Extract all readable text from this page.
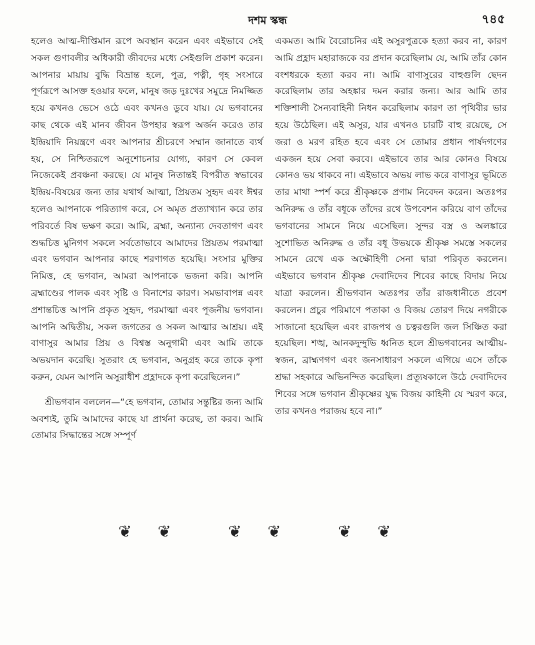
দশম স্কন্ধ	৭৪৫

হলেও আত্ম-দীপ্তিমান রূপে অবস্থান করেন এবং এইভাবে সেই সকল গুণাবলীর অধিকারী জীবদের মধ্যে সেইগুলি প্রকাশ করেন। আপনার মায়ায় বুদ্ধি বিভ্রান্ত হলে, পুত্র, পত্নী, গৃহ সংসারে পূর্ণরূপে আসক্ত হওয়ার ফলে, মানুষ জড় দুঃখের সমুদ্রে নিমজ্জিত হয়ে কখনও ভেসে ওঠে এবং কখনও ডুবে যায়। যে ভগবানের কাছ থেকে এই মানব জীবন উপহার স্বরূপ অর্জন করেও তার ইন্দ্রিয়াদি নিয়ন্ত্রণে এবং আপনার শ্রীচরণে সম্মান জানাতে ব্যর্থ হয়, সে নিশ্চিতরূপে অনুশোচনার যোগ্য, কারণ সে কেবল নিজেকেই প্রবঞ্চনা করছে। যে মানুষ নিতান্তই বিপরীত স্বভাবের ইন্দ্রিয়-বিষয়ের জন্য তার যথার্থ আত্মা, প্রিয়তম সুহৃদ এবং ঈশ্বর হলেও আপনাকে পরিত্যাগ করে, সে অমৃত প্রত্যাখ্যান করে তার পরিবর্তে বিষ ভক্ষণ করে। আমি, ব্রহ্মা, অন্যান্য দেবতাগণ এবং শুদ্ধচিত্ত মুনিগণ সকলে সর্বতোভাবে আমাদের প্রিয়তম পরমাত্মা এবং ভগবান আপনার কাছে শরণাগত হয়েছি। সংসার মুক্তির নিমিত্ত, হে ভগবান, আমরা আপনাকে ভজনা করি। আপনি ব্রহ্মাণ্ডের পালক এবং সৃষ্টি ও বিনাশের কারণ। সমভাবাপন্ন এবং প্রশান্তচিত্ত আপনি প্রকৃত সুহৃদ, পরমাত্মা এবং পূজনীয় ভগবান। আপনি অদ্বিতীয়, সকল জগতের ও সকল আত্মার আশ্রয়। এই বাণাসুর আমার প্রিয় ও বিশ্বস্ত অনুগামী এবং আমি তাকে অভয়দান করেছি। সুতরাং হে ভগবান, অনুগ্রহ করে তাকে কৃপা করুন, যেমন আপনি অসুরাধীশ প্রহ্লাদকে কৃপা করেছিলেন।”

শ্রীভগবান বললেন—“হে ভগবান, তোমার সন্তুষ্টির জন্য আমি অবশ্যই, তুমি আমাদের কাছে যা প্রার্থনা করেছ, তা করব। আমি তোমার সিদ্ধান্তের সঙ্গে সম্পূর্ণ

একমত। আমি বৈরোচনির এই অসুরপুত্রকে হত্যা করব না, কারণ আমি প্রহ্লাদ মহারাজকে বর প্রদান করেছিলাম যে, আমি তাঁর কোন বংশধরকে হত্যা করব না। আমি বাণাসুরের বাহুগুলি ছেদন করেছিলাম তার অহঙ্কার দমন করার জন্য। আর আমি তার শক্তিশালী সৈন্যবাহিনী নিধন করেছিলাম কারণ তা পৃথিবীর ভার হয়ে উঠেছিল। এই অসুর, যার এখনও চারটি বাহু রয়েছে, সে জরা ও মরণ রহিত হবে এবং সে তোমার প্রধান পার্ষদগণের একজন হয়ে সেবা করবে। এইভাবে তার আর কোনও বিষয়ে কোনও ভয় থাকবে না। এইভাবে অভয় লাভ করে বাণাসুর ভূমিতে তার মাথা স্পর্শ করে শ্রীকৃষ্ণকে প্রণাম নিবেদন করেন। অতঃপর অনিরুদ্ধ ও তাঁর বধূকে তাঁদের রথে উপবেশন করিয়ে বাণ তাঁদের ভগবানের সামনে নিয়ে এসেছিল। সুন্দর বস্ত্র ও অলঙ্কারে সুশোভিত অনিরুদ্ধ ও তাঁর বধূ উভয়কে শ্রীকৃষ্ণ সমস্তে সকলের সামনে রেখে এক অক্ষৌহিণী সেনা দ্বারা পরিবৃত করলেন। এইভাবে ভগবান শ্রীকৃষ্ণ দেবাদিদেব শিবের কাছে বিদায় নিয়ে যাত্রা করলেন। শ্রীভগবান অতঃপর তাঁর রাজধানীতে প্রবেশ করলেন। প্রচুর পরিমাণে পতাকা ও বিজয় তোরণ দিয়ে নগরীকে সাজানো হয়েছিল এবং রাজপথ ও চত্বরগুলি জল সিঞ্চিত করা হয়েছিল। শঙ্খ, আনকদুন্দুভি ধ্বনিত হলে শ্রীভগবানের আত্মীয়-স্বজন, ব্রাহ্মণগণ এবং জনসাধারণ সকলে এগিয়ে এসে তাঁকে শ্রদ্ধা সহকারে অভিনন্দিত করেছিল। প্রত্যূষকালে উঠে দেবাদিদেব শিবের সঙ্গে ভগবান শ্রীকৃষ্ণের যুদ্ধ বিজয় কাহিনী যে স্মরণ করে, তার কখনও পরাজয় হবে না।”

❦❦ ❦❦ ❦❦
